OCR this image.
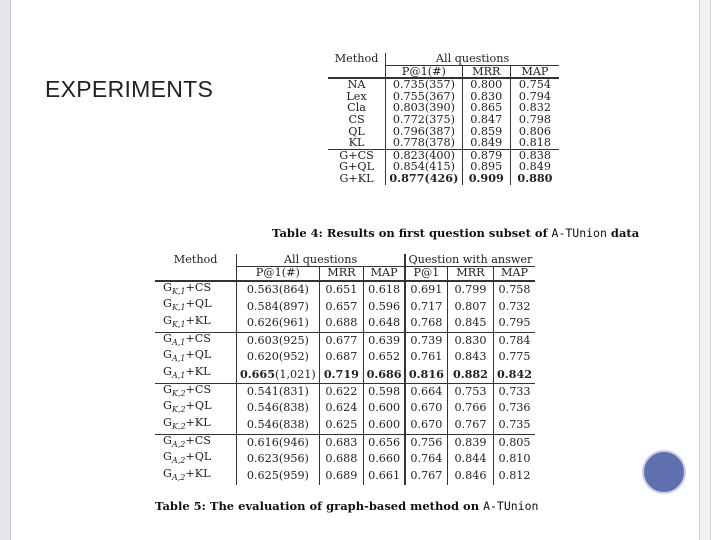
EXPERIMENTS
Method	All questions		
	P@1(#)	MRR	MAP
NA	0.735(357)	0.800	0.754
Lex	0.755(367)	0.830	0.794
Cla	0.803(390)	0.865	0.832
CS	0.772(375)	0.847	0.798
QL	0.796(387)	0.859	0.806
KL	0.778(378)	0.849	0.818
G+CS	0.823(400)	0.879	0.838
G+QL	0.854(415)	0.895	0.849
G+KL	0.877(426)	0.909	0.880
Table 4: Results on first question subset of A-TUnion data
Method	All questions			Question with answer		
	P@1(#)	MRR	MAP	P@1	MRR	MAP
$G_{K,1}+CS$	0.563(864)	0.651	0.618	0.691	0.799	0.758
$G_{K,1}+QL$	0.584(897)	0.657	0.596	0.717	0.807	0.732
$G_{K,1}+KL$	0.626(961)	0.688	0.648	0.768	0.845	0.795
$G_{A,1}+CS$	0.603(925)	0.677	0.639	0.739	0.830	0.784
$G_{A,1}+QL$	0.620(952)	0.687	0.652	0.761	0.843	0.775
$G_{A,1}+KL$	0.665(1,021)	0.719	0.686	0.816	0.882	0.842
$G_{K,2}+CS$	0.541(831)	0.622	0.598	0.664	0.753	0.733
$G_{K,2}+QL$	0.546(838)	0.624	0.600	0.670	0.766	0.736
$G_{K,2}+KL$	0.546(838)	0.625	0.600	0.670	0.767	0.735
$G_{A,2}+CS$	0.616(946)	0.683	0.656	0.756	0.839	0.805
$G_{A,2}+QL$	0.623(956)	0.688	0.660	0.764	0.844	0.810
$G_{A,2}+KL$	0.625(959)	0.689	0.661	0.767	0.846	0.812
Table 5: The evaluation of graph-based method on A-TUnion
